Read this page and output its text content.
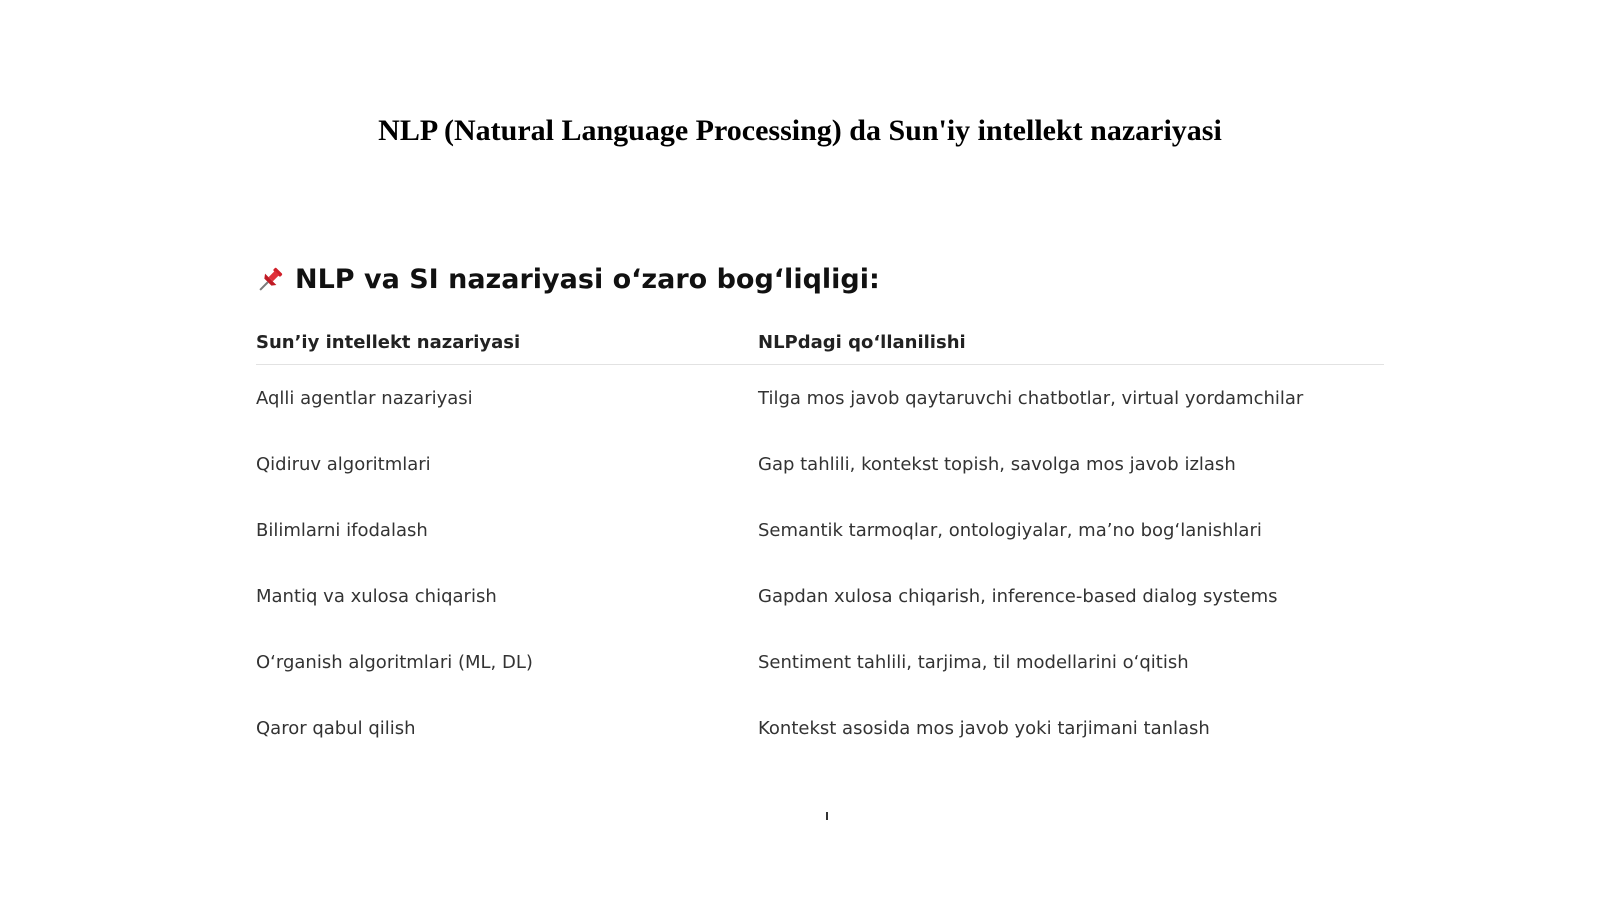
NLP (Natural Language Processing) da Sun'iy intellekt nazariyasi
NLP va SI nazariyasi o‘zaro bog‘liqligi:
Sun’iy intellekt nazariyasi	NLPdagi qo‘llanilishi
Aqlli agentlar nazariyasi	Tilga mos javob qaytaruvchi chatbotlar, virtual yordamchilar
Qidiruv algoritmlari	Gap tahlili, kontekst topish, savolga mos javob izlash
Bilimlarni ifodalash	Semantik tarmoqlar, ontologiyalar, ma’no bog‘lanishlari
Mantiq va xulosa chiqarish	Gapdan xulosa chiqarish, inference-based dialog systems
O‘rganish algoritmlari (ML, DL)	Sentiment tahlili, tarjima, til modellarini o‘qitish
Qaror qabul qilish	Kontekst asosida mos javob yoki tarjimani tanlash
